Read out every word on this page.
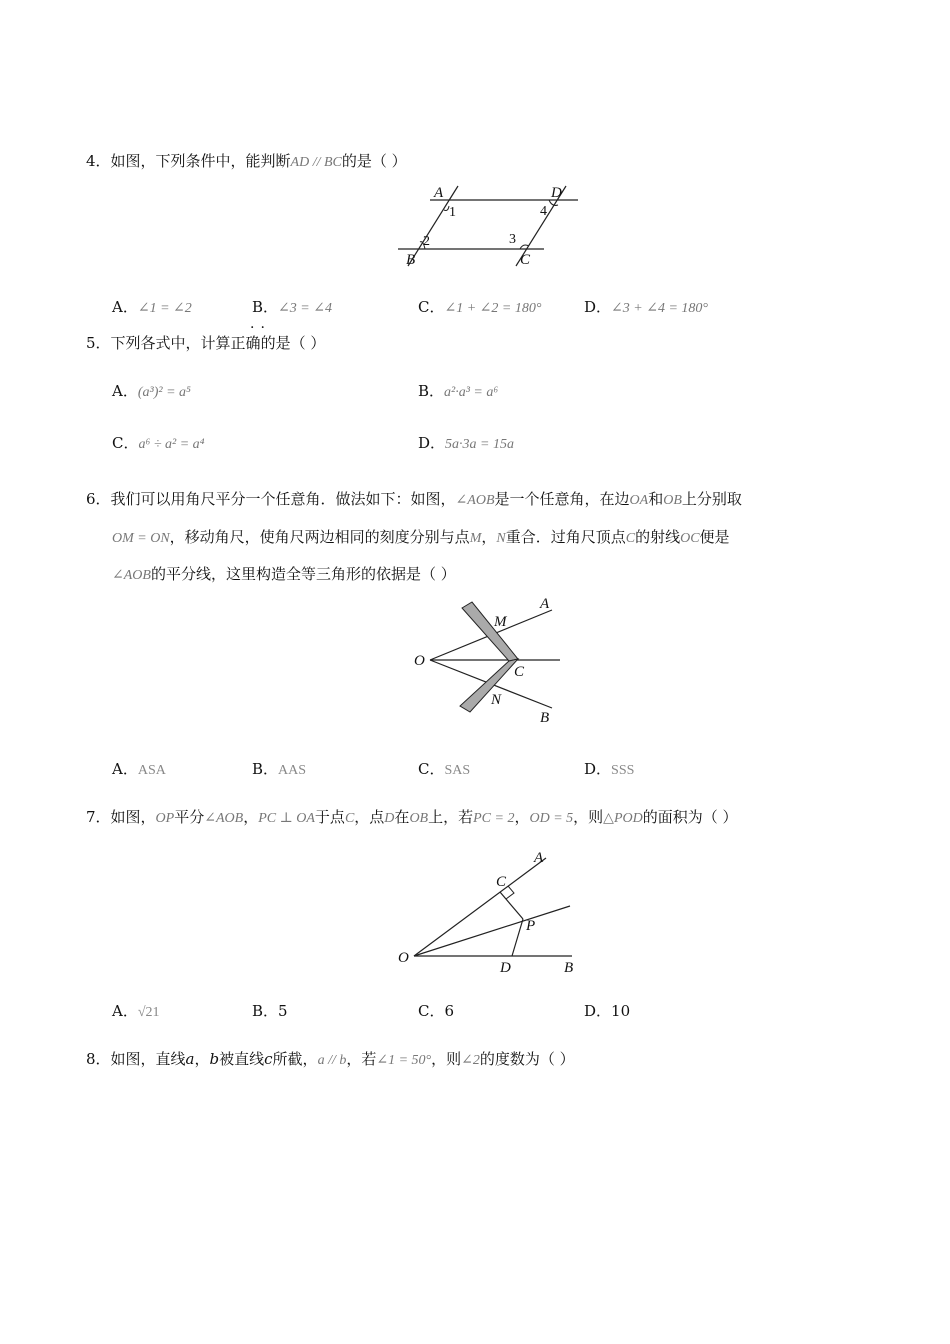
4．如图，下列条件中，能判断AD // BC的是（ ）
A	D
B	C
1
2	3
4
A．∠1 = ∠2	B．∠3 = ∠4	C．∠1 + ∠2 = 180°	D．∠3 + ∠4 = 180°
5．下列各式中，计算正确的是（ ）
··
A．(a³)² = a⁵	B．a²·a³ = a⁶
C．a⁶ ÷ a² = a⁴	D．5a·3a = 15a
6．我们可以用角尺平分一个任意角．做法如下：如图，∠AOB是一个任意角，在边OA和OB上分别取
OM = ON，移动角尺，使角尺两边相同的刻度分别与点M，N重合．过角尺顶点C的射线OC便是
∠AOB的平分线，这里构造全等三角形的依据是（ ）
A
M
O
C
N
B
A．ASA	B．AAS	C．SAS	D．SSS
7．如图，OP平分∠AOB，PC ⊥ OA于点C，点D在OB上，若PC = 2，OD = 5，则△POD的面积为（ ）
A
C
P
O
D	B
A．√21	B．5	C．6	D．10
8．如图，直线a，b被直线c所截，a // b，若∠1 = 50°，则∠2的度数为（ ）
